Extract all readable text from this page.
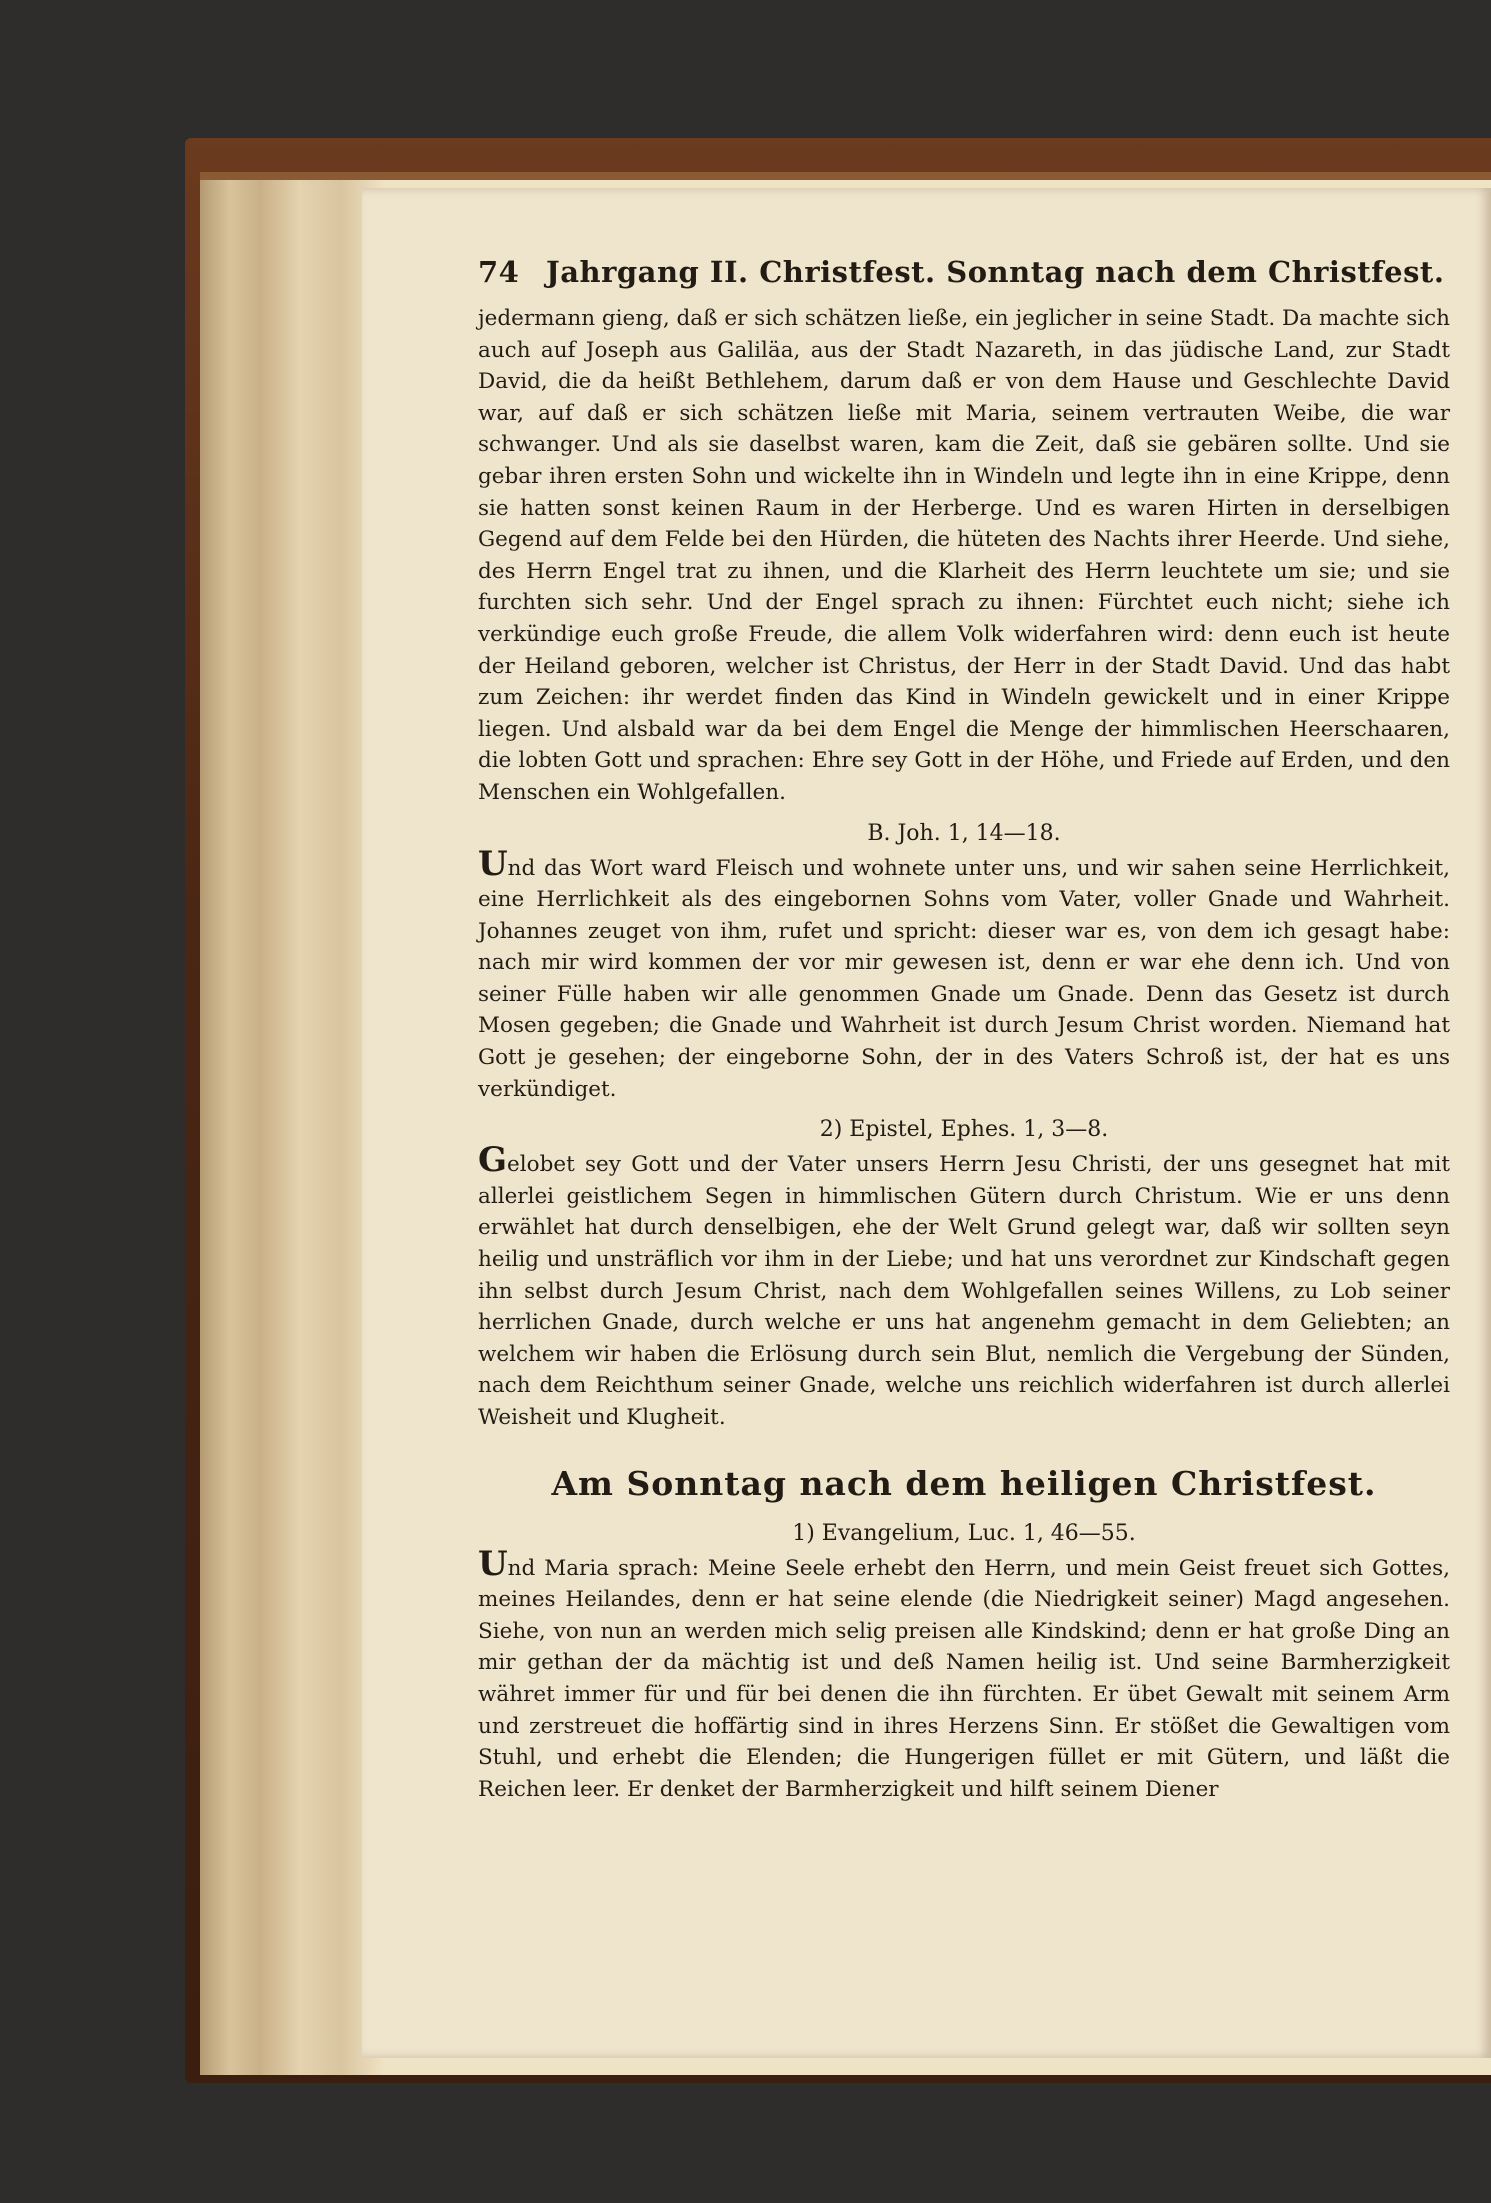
74 Jahrgang II. Christfest. Sonntag nach dem Christfest.

jedermann gieng, daß er sich schätzen ließe, ein jeglicher in seine Stadt. Da machte sich auch auf Joseph aus Galiläa, aus der Stadt Nazareth, in das jüdische Land, zur Stadt David, die da heißt Bethlehem, darum daß er von dem Hause und Geschlechte David war, auf daß er sich schätzen ließe mit Maria, seinem vertrauten Weibe, die war schwanger. Und als sie daselbst waren, kam die Zeit, daß sie gebären sollte. Und sie gebar ihren ersten Sohn und wickelte ihn in Windeln und legte ihn in eine Krippe, denn sie hatten sonst keinen Raum in der Herberge. Und es waren Hirten in derselbigen Gegend auf dem Felde bei den Hürden, die hüteten des Nachts ihrer Heerde. Und siehe, des Herrn Engel trat zu ihnen, und die Klarheit des Herrn leuchtete um sie; und sie furchten sich sehr. Und der Engel sprach zu ihnen: Fürchtet euch nicht; siehe ich verkündige euch große Freude, die allem Volk widerfahren wird: denn euch ist heute der Heiland geboren, welcher ist Christus, der Herr in der Stadt David. Und das habt zum Zeichen: ihr werdet finden das Kind in Windeln gewickelt und in einer Krippe liegen. Und alsbald war da bei dem Engel die Menge der himmlischen Heerschaaren, die lobten Gott und sprachen: Ehre sey Gott in der Höhe, und Friede auf Erden, und den Menschen ein Wohlgefallen.

B. Joh. 1, 14—18.

Und das Wort ward Fleisch und wohnete unter uns, und wir sahen seine Herrlichkeit, eine Herrlichkeit als des eingebornen Sohns vom Vater, voller Gnade und Wahrheit. Johannes zeuget von ihm, rufet und spricht: dieser war es, von dem ich gesagt habe: nach mir wird kommen der vor mir gewesen ist, denn er war ehe denn ich. Und von seiner Fülle haben wir alle genommen Gnade um Gnade. Denn das Gesetz ist durch Mosen gegeben; die Gnade und Wahrheit ist durch Jesum Christ worden. Niemand hat Gott je gesehen; der eingeborne Sohn, der in des Vaters Schroß ist, der hat es uns verkündiget.

2) Epistel, Ephes. 1, 3—8.

Gelobet sey Gott und der Vater unsers Herrn Jesu Christi, der uns gesegnet hat mit allerlei geistlichem Segen in himmlischen Gütern durch Christum. Wie er uns denn erwählet hat durch denselbigen, ehe der Welt Grund gelegt war, daß wir sollten seyn heilig und unsträflich vor ihm in der Liebe; und hat uns verordnet zur Kindschaft gegen ihn selbst durch Jesum Christ, nach dem Wohlgefallen seines Willens, zu Lob seiner herrlichen Gnade, durch welche er uns hat angenehm gemacht in dem Geliebten; an welchem wir haben die Erlösung durch sein Blut, nemlich die Vergebung der Sünden, nach dem Reichthum seiner Gnade, welche uns reichlich widerfahren ist durch allerlei Weisheit und Klugheit.

Am Sonntag nach dem heiligen Christfest.
1) Evangelium, Luc. 1, 46—55.

Und Maria sprach: Meine Seele erhebt den Herrn, und mein Geist freuet sich Gottes, meines Heilandes, denn er hat seine elende (die Niedrigkeit seiner) Magd angesehen. Siehe, von nun an werden mich selig preisen alle Kindskind; denn er hat große Ding an mir gethan der da mächtig ist und deß Namen heilig ist. Und seine Barmherzigkeit währet immer für und für bei denen die ihn fürchten. Er übet Gewalt mit seinem Arm und zerstreuet die hoffärtig sind in ihres Herzens Sinn. Er stößet die Gewaltigen vom Stuhl, und erhebt die Elenden; die Hungerigen füllet er mit Gütern, und läßt die Reichen leer. Er denket der Barmherzigkeit und hilft seinem Diener
